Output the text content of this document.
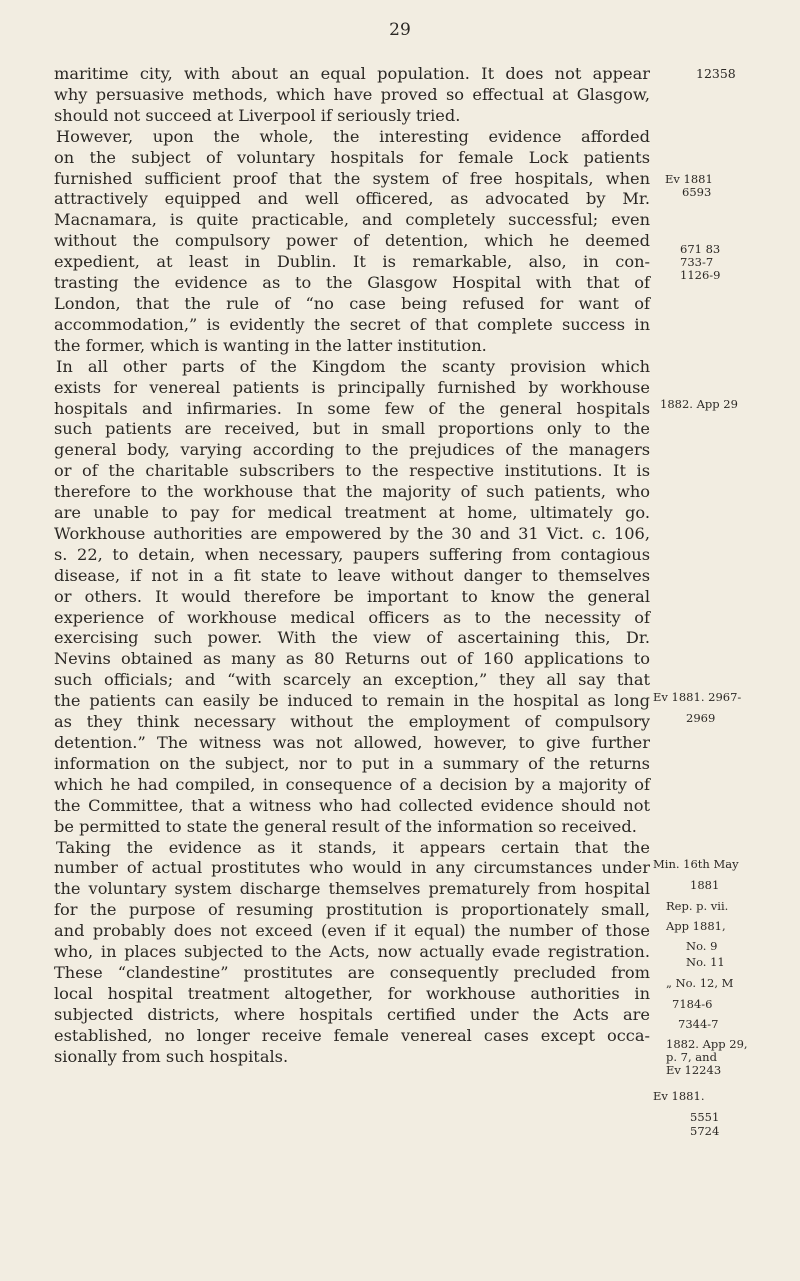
29
maritime city, with about an equal population. It does not appear
why persuasive methods, which have proved so effectual at Glasgow,
should not succeed at Liverpool if seriously tried.
However, upon the whole, the interesting evidence afforded
on the subject of voluntary hospitals for female Lock patients
furnished sufficient proof that the system of free hospitals, when
attractively equipped and well officered, as advocated by Mr.
Macnamara, is quite practicable, and completely successful; even
without the compulsory power of detention, which he deemed
expedient, at least in Dublin. It is remarkable, also, in con-
trasting the evidence as to the Glasgow Hospital with that of
London, that the rule of “no case being refused for want of
accommodation,” is evidently the secret of that complete success in
the former, which is wanting in the latter institution.
In all other parts of the Kingdom the scanty provision which
exists for venereal patients is principally furnished by workhouse
hospitals and infirmaries. In some few of the general hospitals
such patients are received, but in small proportions only to the
general body, varying according to the prejudices of the managers
or of the charitable subscribers to the respective institutions. It is
therefore to the workhouse that the majority of such patients, who
are unable to pay for medical treatment at home, ultimately go.
Workhouse authorities are empowered by the 30 and 31 Vict. c. 106,
s. 22, to detain, when necessary, paupers suffering from contagious
disease, if not in a fit state to leave without danger to themselves
or others. It would therefore be important to know the general
experience of workhouse medical officers as to the necessity of
exercising such power. With the view of ascertaining this, Dr.
Nevins obtained as many as 80 Returns out of 160 applications to
such officials; and “with scarcely an exception,” they all say that
the patients can easily be induced to remain in the hospital as long
as they think necessary without the employment of compulsory
detention.” The witness was not allowed, however, to give further
information on the subject, nor to put in a summary of the returns
which he had compiled, in consequence of a decision by a majority of
the Committee, that a witness who had collected evidence should not
be permitted to state the general result of the information so received.
Taking the evidence as it stands, it appears certain that the
number of actual prostitutes who would in any circumstances under
the voluntary system discharge themselves prematurely from hospital
for the purpose of resuming prostitution is proportionately small,
and probably does not exceed (even if it equal) the number of those
who, in places subjected to the Acts, now actually evade registration.
These “clandestine” prostitutes are consequently precluded from
local hospital treatment altogether, for workhouse authorities in
subjected districts, where hospitals certified under the Acts are
established, no longer receive female venereal cases except occa-
sionally from such hospitals.
12358
Ev 1881
6593
671 83
733-7
1126-9
1882. App 29
Ev 1881. 2967-
2969
Min. 16th May
1881
Rep. p. vii.
App 1881,
No. 9
No. 11
„ No. 12, M
7184-6
7344-7
1882. App 29,
p. 7, and
Ev 12243
Ev 1881.
5551
5724
